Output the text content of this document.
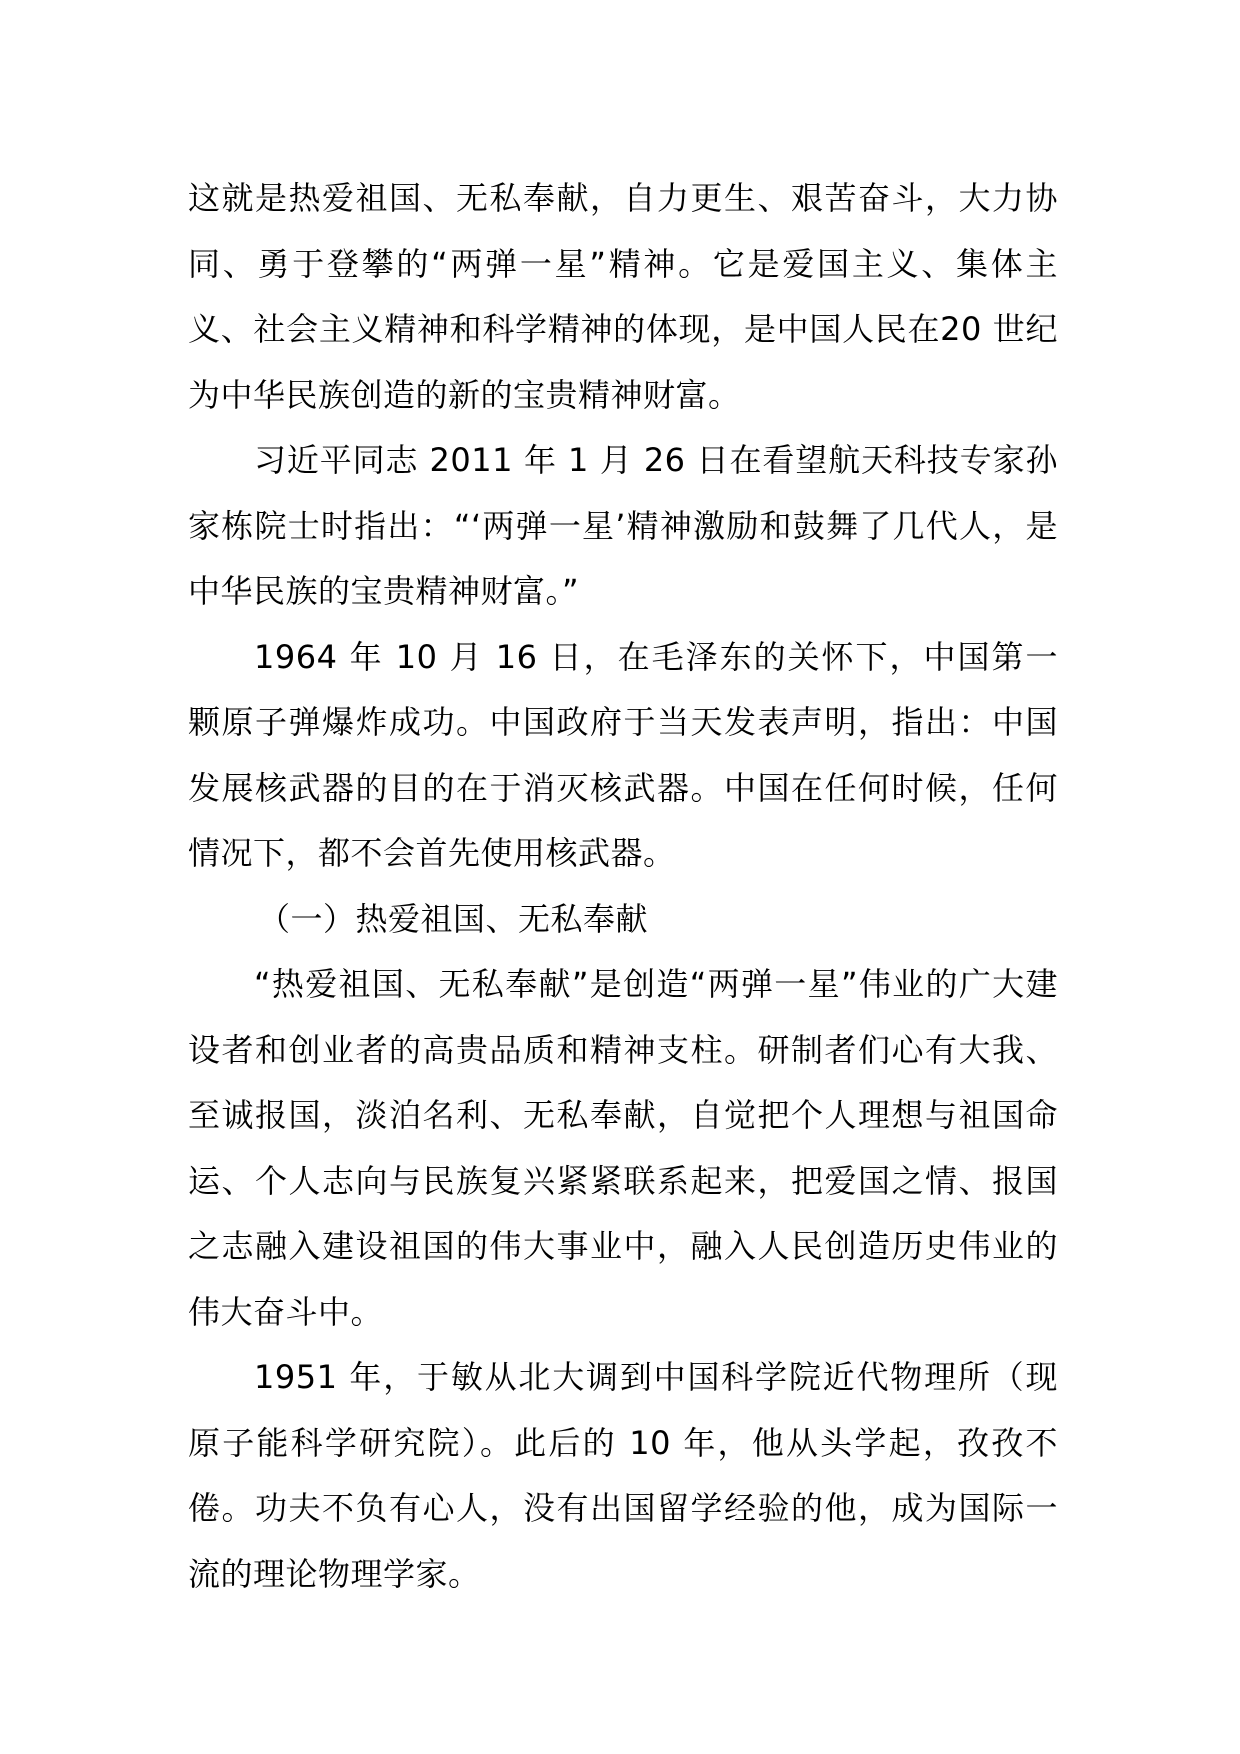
这就是热爱祖国、无私奉献，自力更生、艰苦奋斗，大力协同、勇于登攀的“两弹一星”精神。它是爱国主义、集体主义、社会主义精神和科学精神的体现，是中国人民在20 世纪为中华民族创造的新的宝贵精神财富。

习近平同志 2011 年 1 月 26 日在看望航天科技专家孙家栋院士时指出：“‘两弹一星’精神激励和鼓舞了几代人，是中华民族的宝贵精神财富。”

1964 年 10 月 16 日，在毛泽东的关怀下，中国第一颗原子弹爆炸成功。中国政府于当天发表声明，指出：中国发展核武器的目的在于消灭核武器。中国在任何时候，任何情况下，都不会首先使用核武器。

（一）热爱祖国、无私奉献

“热爱祖国、无私奉献”是创造“两弹一星”伟业的广大建设者和创业者的高贵品质和精神支柱。研制者们心有大我、至诚报国，淡泊名利、无私奉献，自觉把个人理想与祖国命运、个人志向与民族复兴紧紧联系起来，把爱国之情、报国之志融入建设祖国的伟大事业中，融入人民创造历史伟业的伟大奋斗中。

1951 年，于敏从北大调到中国科学院近代物理所（现原子能科学研究院）。此后的 10 年，他从头学起，孜孜不倦。功夫不负有心人，没有出国留学经验的他，成为国际一流的理论物理学家。
